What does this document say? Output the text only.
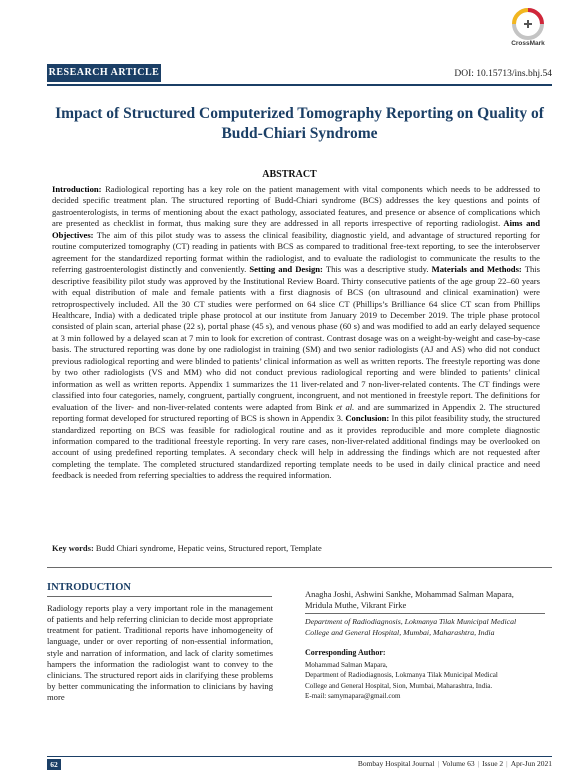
CrossMark
RESEARCH ARTICLE	DOI: 10.15713/ins.bhj.54
Impact of Structured Computerized Tomography Reporting on Quality of
Budd-Chiari Syndrome
ABSTRACT
Introduction: Radiological reporting has a key role on the patient management with vital components which needs to be addressed to decided specific treatment plan. The structured reporting of Budd-Chiari syndrome (BCS) addresses the key questions and points of gastroenterologists, in terms of mentioning about the exact pathology, associated features, and presence or absence of complications which are presented as checklist in format, thus making sure they are addressed in all reports irrespective of reporting radiologist. Aims and Objectives: The aim of this pilot study was to assess the clinical feasibility, diagnostic yield, and advantage of structured reporting for routine computerized tomography (CT) reading in patients with BCS as compared to traditional free-text reporting, to see the interobserver agreement for the standardized reporting format within the radiologist, and to evaluate the radiologist to communicate the results to the referring gastroenterologist distinctly and conveniently. Setting and Design: This was a descriptive study. Materials and Methods: This descriptive feasibility pilot study was approved by the Institutional Review Board. Thirty consecutive patients of the age group 22–60 years with equal distribution of male and female patients with a first diagnosis of BCS (on ultrasound and clinical examination) were retroprospectively included. All the 30 CT studies were performed on 64 slice CT (Phillips’s Brilliance 64 slice CT scan from Phillips Healthcare, India) with a dedicated triple phase protocol at our institute from January 2019 to December 2019. The triple phase protocol consisted of plain scan, arterial phase (22 s), portal phase (45 s), and venous phase (60 s) and was modified to add an early delayed sequence at 3 min followed by a delayed scan at 7 min to look for excretion of contrast. Contrast dosage was on a weight-by-weight and case-by-case basis. The structured reporting was done by one radiologist in training (SM) and two senior radiologists (AJ and AS) who did not conduct previous radiological reporting and were blinded to patients’ clinical information as well as written reports. The freestyle reporting was done by two other radiologists (VS and MM) who did not conduct previous radiological reporting and were blinded to patients’ clinical information as well as written reports. Appendix 1 summarizes the 11 liver-related and 7 non-liver-related contents. The CT findings were classified into four categories, namely, congruent, partially congruent, incongruent, and not mentioned in freestyle report. The definitions for evaluation of the liver- and non-liver-related contents were adapted from Bink et al. and are summarized in Appendix 2. The structured reporting format developed for structured reporting of BCS is shown in Appendix 3. Conclusion: In this pilot feasibility study, the structured standardized reporting on BCS was feasible for radiological routine and as it provides reproducible and more complete diagnostic information compared to the traditional freestyle reporting. In very rare cases, non-liver-related additional findings may be overlooked on account of using predefined reporting templates. A secondary check will help in addressing the findings which are not requested after completing the template. The completed structured standardized reporting template needs to be used in daily clinical practice and need feedback is needed from referring specialties to address the required information.
Key words: Budd Chiari syndrome, Hepatic veins, Structured report, Template
INTRODUCTION
Radiology reports play a very important role in the management of patients and help referring clinician to decide most appropriate treatment for patient. Traditional reports have inhomogeneity of language, under or over reporting of non-essential information, style and narration of information, and lack of clarity sometimes hampers the information the radiologist want to convey to the clinicians. The structured report aids in clarifying these problems by better communicating the information to clinicians by having more
Anagha Joshi, Ashwini Sankhe, Mohammad Salman Mapara,
Mridula Muthe, Vikrant Firke
Department of Radiodiagnosis, Lokmanya Tilak Municipal Medical
College and General Hospital, Mumbai, Maharashtra, India
Corresponding Author:
Mohammad Salman Mapara,
Department of Radiodiagnosis, Lokmanya Tilak Municipal Medical
College and General Hospital, Sion, Mumbai, Maharashtra, India.
E-mail: samymapara@gmail.com
62	Bombay Hospital Journal | Volume 63 | Issue 2 | Apr-Jun 2021
